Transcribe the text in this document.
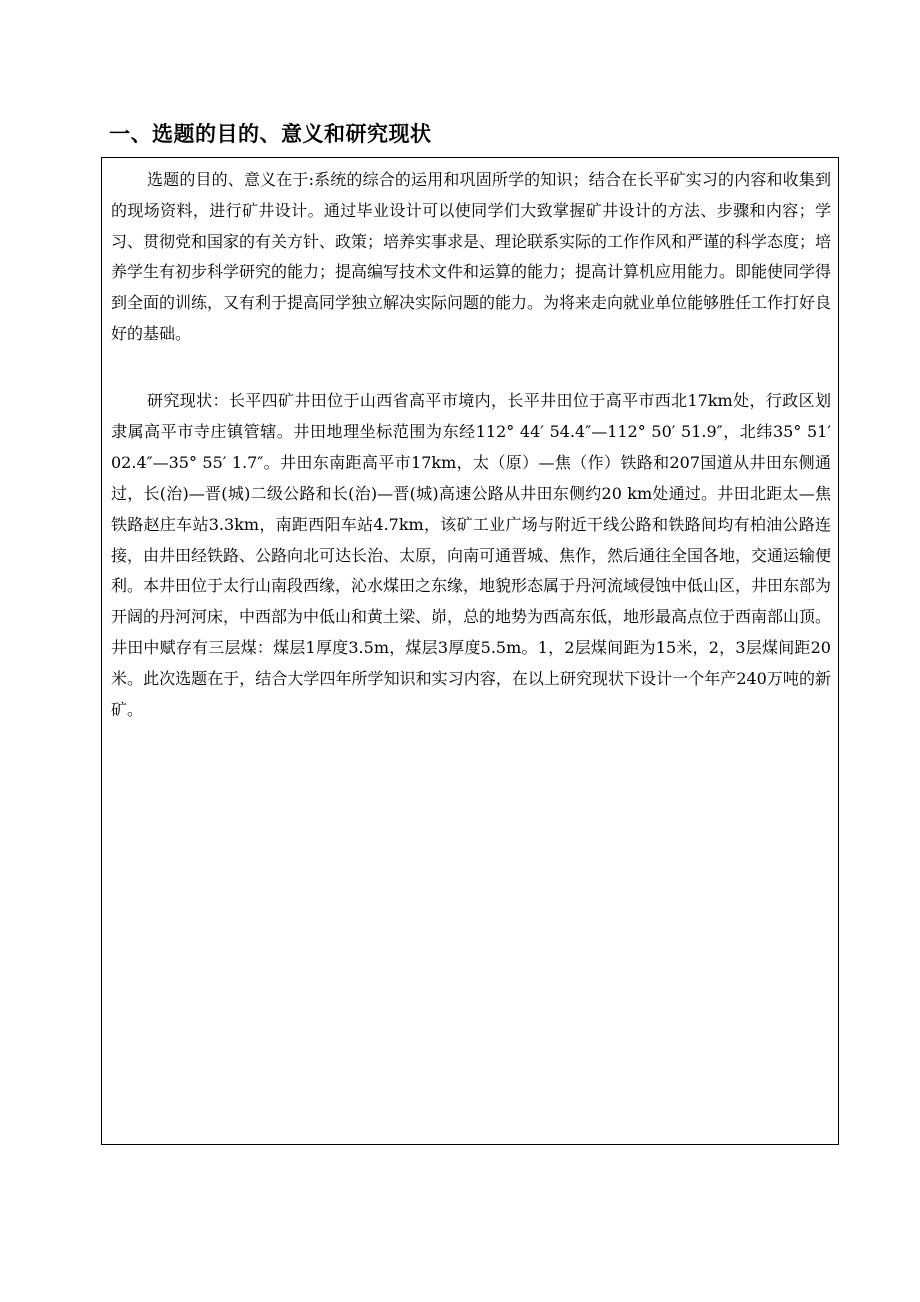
一、选题的目的、意义和研究现状

选题的目的、意义在于:系统的综合的运用和巩固所学的知识；结合在长平矿实习的内容和收集到的现场资料，进行矿井设计。通过毕业设计可以使同学们大致掌握矿井设计的方法、步骤和内容；学习、贯彻党和国家的有关方针、政策；培养实事求是、理论联系实际的工作作风和严谨的科学态度；培养学生有初步科学研究的能力；提高编写技术文件和运算的能力；提高计算机应用能力。即能使同学得到全面的训练，又有利于提高同学独立解决实际问题的能力。为将来走向就业单位能够胜任工作打好良好的基础。

研究现状：长平四矿井田位于山西省高平市境内，长平井田位于高平市西北17km处，行政区划隶属高平市寺庄镇管辖。井田地理坐标范围为东经112° 44′ 54.4″—112° 50′ 51.9″，北纬35° 51′ 02.4″—35° 55′ 1.7″。井田东南距高平市17km，太（原）—焦（作）铁路和207国道从井田东侧通过，长(治)—晋(城)二级公路和长(治)—晋(城)高速公路从井田东侧约20 km处通过。井田北距太—焦铁路赵庄车站3.3km，南距西阳车站4.7km，该矿工业广场与附近干线公路和铁路间均有柏油公路连接，由井田经铁路、公路向北可达长治、太原，向南可通晋城、焦作，然后通往全国各地，交通运输便利。本井田位于太行山南段西缘，沁水煤田之东缘，地貌形态属于丹河流域侵蚀中低山区，井田东部为开阔的丹河河床，中西部为中低山和黄土梁、峁，总的地势为西高东低，地形最高点位于西南部山顶。井田中赋存有三层煤：煤层1厚度3.5m，煤层3厚度5.5m。1，2层煤间距为15米，2，3层煤间距20米。此次选题在于，结合大学四年所学知识和实习内容，在以上研究现状下设计一个年产240万吨的新矿。
